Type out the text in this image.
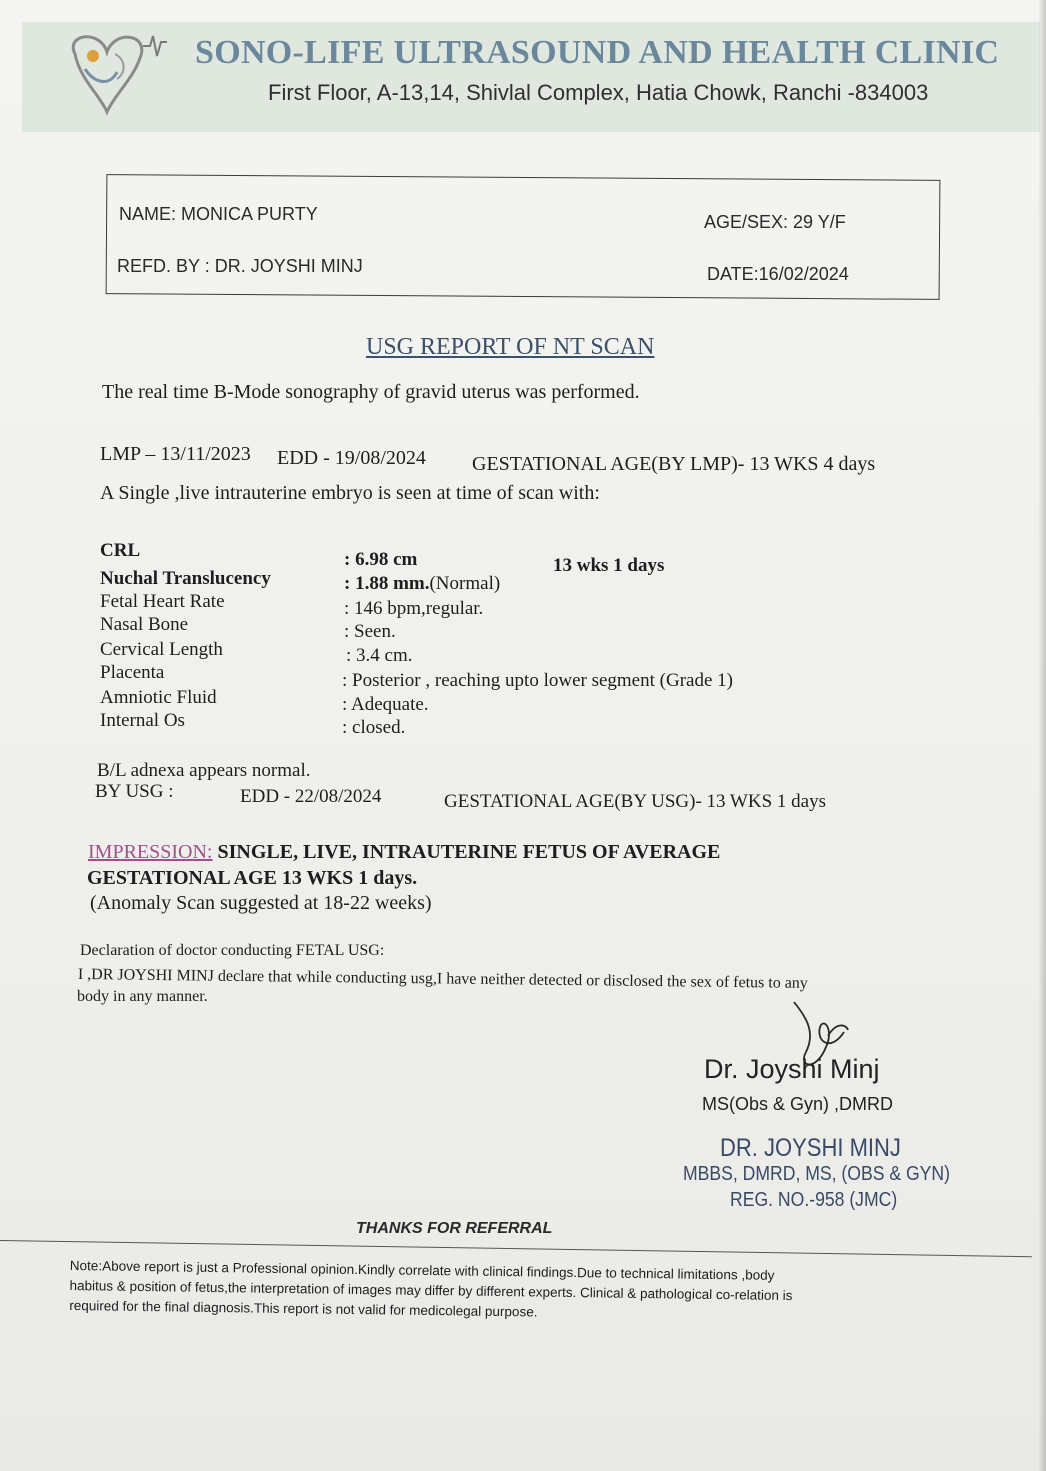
SONO-LIFE ULTRASOUND AND HEALTH CLINIC
First Floor, A-13,14, Shivlal Complex, Hatia Chowk, Ranchi -834003
NAME: MONICA PURTY	AGE/SEX: 29 Y/F
REFD. BY : DR. JOYSHI MINJ	DATE:16/02/2024
USG REPORT OF NT SCAN
The real time B-Mode sonography of gravid uterus was performed.
LMP – 13/11/2023 EDD - 19/08/2024 GESTATIONAL AGE(BY LMP)- 13 WKS 4 days
A Single ,live intrauterine embryo is seen at time of scan with:
CRL	: 6.98 cm	13 wks 1 days
Nuchal Translucency	: 1.88 mm.(Normal)
Fetal Heart Rate	: 146 bpm,regular.
Nasal Bone	: Seen.
Cervical Length	: 3.4 cm.
Placenta	: Posterior , reaching upto lower segment (Grade 1)
Amniotic Fluid	: Adequate.
Internal Os	: closed.
B/L adnexa appears normal.
BY USG :	EDD - 22/08/2024	GESTATIONAL AGE(BY USG)- 13 WKS 1 days
IMPRESSION: SINGLE, LIVE, INTRAUTERINE FETUS OF AVERAGE
GESTATIONAL AGE 13 WKS 1 days.
(Anomaly Scan suggested at 18-22 weeks)
Declaration of doctor conducting FETAL USG:
I ,DR JOYSHI MINJ declare that while conducting usg,I have neither detected or disclosed the sex of fetus to any
body in any manner.
Dr. Joyshi Minj
MS(Obs & Gyn) ,DMRD
DR. JOYSHI MINJ
MBBS, DMRD, MS, (OBS & GYN)
REG. NO.-958 (JMC)
THANKS FOR REFERRAL
Note:Above report is just a Professional opinion.Kindly correlate with clinical findings.Due to technical limitations ,body
habitus & position of fetus,the interpretation of images may differ by different experts. Clinical & pathological co-relation is
required for the final diagnosis.This report is not valid for medicolegal purpose.
